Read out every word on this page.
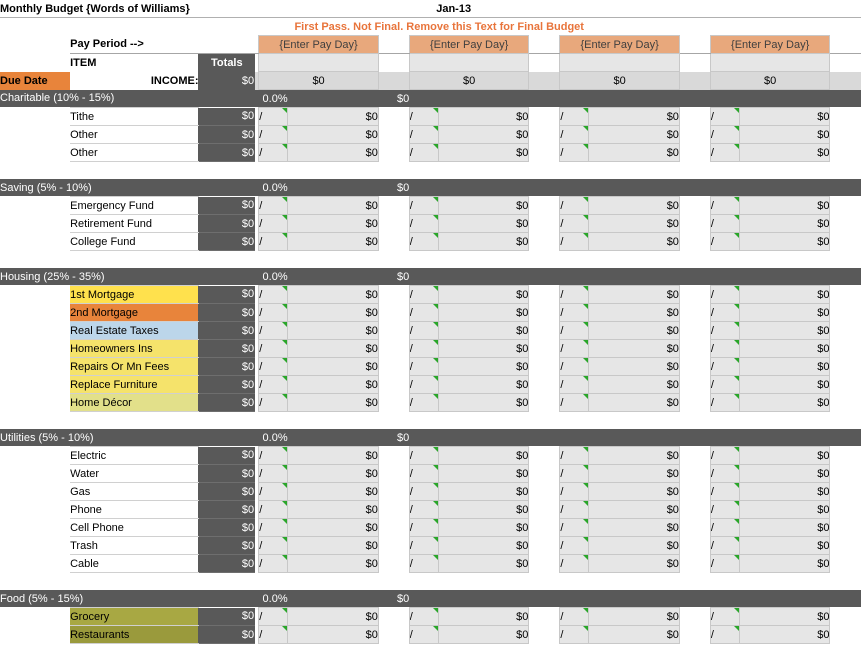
Monthly Budget {Words of Williams}						Jan-13									
		First Pass. Not Final. Remove this Text for Final Budget													
	Pay Period -->			{Enter Pay Day}			{Enter Pay Day}			{Enter Pay Day}			{Enter Pay Day}		
	ITEM	Totals													
Due Date	INCOME:	$0		$0			$0			$0			$0		
Charitable (10% - 15%)		0.0%			$0										
	Tithe	$0		/	$0		/	$0		/	$0		/	$0	
	Other	$0		/	$0		/	$0		/	$0		/	$0	
	Other	$0		/	$0		/	$0		/	$0		/	$0	

Saving (5% - 10%)		0.0%			$0										
	Emergency Fund	$0		/	$0		/	$0		/	$0		/	$0	
	Retirement Fund	$0		/	$0		/	$0		/	$0		/	$0	
	College Fund	$0		/	$0		/	$0		/	$0		/	$0	

Housing (25% - 35%)		0.0%			$0										
	1st Mortgage	$0		/	$0		/	$0		/	$0		/	$0	
	2nd Mortgage	$0		/	$0		/	$0		/	$0		/	$0	
	Real Estate Taxes	$0		/	$0		/	$0		/	$0		/	$0	
	Homeowners Ins	$0		/	$0		/	$0		/	$0		/	$0	
	Repairs Or Mn Fees	$0		/	$0		/	$0		/	$0		/	$0	
	Replace Furniture	$0		/	$0		/	$0		/	$0		/	$0	
	Home Décor	$0		/	$0		/	$0		/	$0		/	$0	

Utilities (5% - 10%)		0.0%			$0										
	Electric	$0		/	$0		/	$0		/	$0		/	$0	
	Water	$0		/	$0		/	$0		/	$0		/	$0	
	Gas	$0		/	$0		/	$0		/	$0		/	$0	
	Phone	$0		/	$0		/	$0		/	$0		/	$0	
	Cell Phone	$0		/	$0		/	$0		/	$0		/	$0	
	Trash	$0		/	$0		/	$0		/	$0		/	$0	
	Cable	$0		/	$0		/	$0		/	$0		/	$0	

Food (5% - 15%)		0.0%			$0										
	Grocery	$0		/	$0		/	$0		/	$0		/	$0	
	Restaurants	$0		/	$0		/	$0		/	$0		/	$0	
